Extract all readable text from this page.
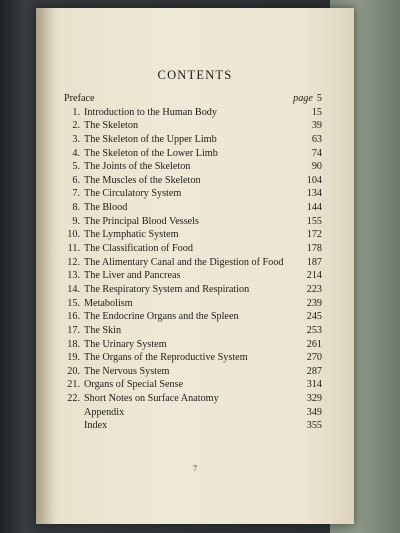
CONTENTS
Preface	page 5
1. Introduction to the Human Body	15
2. The Skeleton	39
3. The Skeleton of the Upper Limb	63
4. The Skeleton of the Lower Limb	74
5. The Joints of the Skeleton	90
6. The Muscles of the Skeleton	104
7. The Circulatory System	134
8. The Blood	144
9. The Principal Blood Vessels	155
10. The Lymphatic System	172
11. The Classification of Food	178
12. The Alimentary Canal and the Digestion of Food	187
13. The Liver and Pancreas	214
14. The Respiratory System and Respiration	223
15. Metabolism	239
16. The Endocrine Organs and the Spleen	245
17. The Skin	253
18. The Urinary System	261
19. The Organs of the Reproductive System	270
20. The Nervous System	287
21. Organs of Special Sense	314
22. Short Notes on Surface Anatomy	329
Appendix	349
Index	355
7
